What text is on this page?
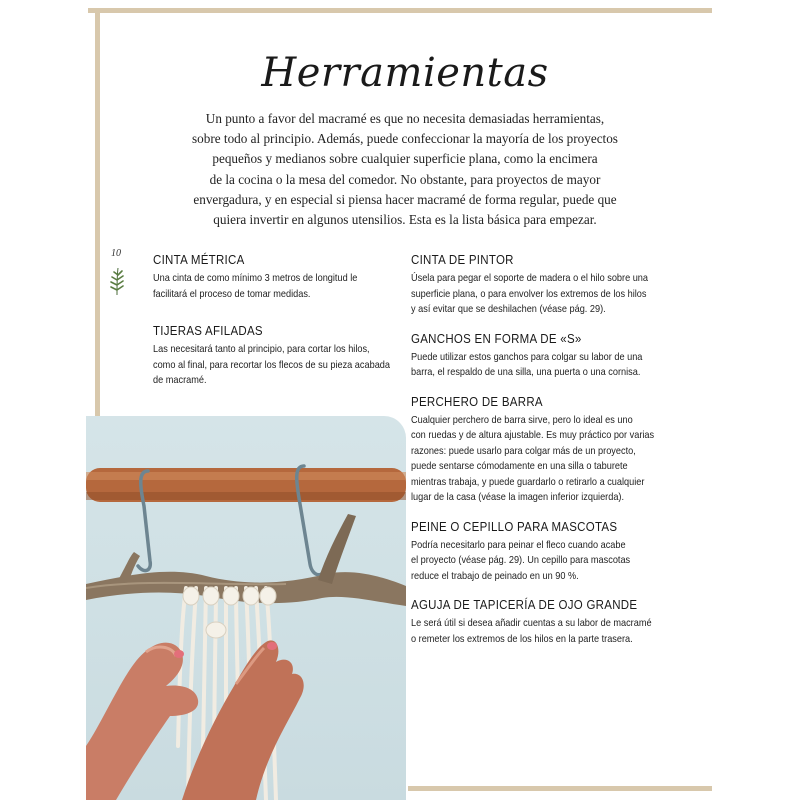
Herramientas

Un punto a favor del macramé es que no necesita demasiadas herramientas,
sobre todo al principio. Además, puede confeccionar la mayoría de los proyectos
pequeños y medianos sobre cualquier superficie plana, como la encimera
de la cocina o la mesa del comedor. No obstante, para proyectos de mayor
envergadura, y en especial si piensa hacer macramé de forma regular, puede que
quiera invertir en algunos utensilios. Esta es la lista básica para empezar.

10	CINTA MÉTRICA

Una cinta de como mínimo 3 metros de longitud le
facilitará el proceso de tomar medidas.

TIJERAS AFILADAS

Las necesitará tanto al principio, para cortar los hilos,
como al final, para recortar los flecos de su pieza acabada
de macramé.

CINTA DE PINTOR

Úsela para pegar el soporte de madera o el hilo sobre una
superficie plana, o para envolver los extremos de los hilos
y así evitar que se deshilachen (véase pág. 29).

GANCHOS EN FORMA DE «S»

Puede utilizar estos ganchos para colgar su labor de una
barra, el respaldo de una silla, una puerta o una cornisa.

PERCHERO DE BARRA

Cualquier perchero de barra sirve, pero lo ideal es uno
con ruedas y de altura ajustable. Es muy práctico por varias
razones: puede usarlo para colgar más de un proyecto,
puede sentarse cómodamente en una silla o taburete
mientras trabaja, y puede guardarlo o retirarlo a cualquier
lugar de la casa (véase la imagen inferior izquierda).

PEINE O CEPILLO PARA MASCOTAS

Podría necesitarlo para peinar el fleco cuando acabe
el proyecto (véase pág. 29). Un cepillo para mascotas
reduce el trabajo de peinado en un 90 %.

AGUJA DE TAPICERÍA DE OJO GRANDE

Le será útil si desea añadir cuentas a su labor de macramé
o remeter los extremos de los hilos en la parte trasera.
